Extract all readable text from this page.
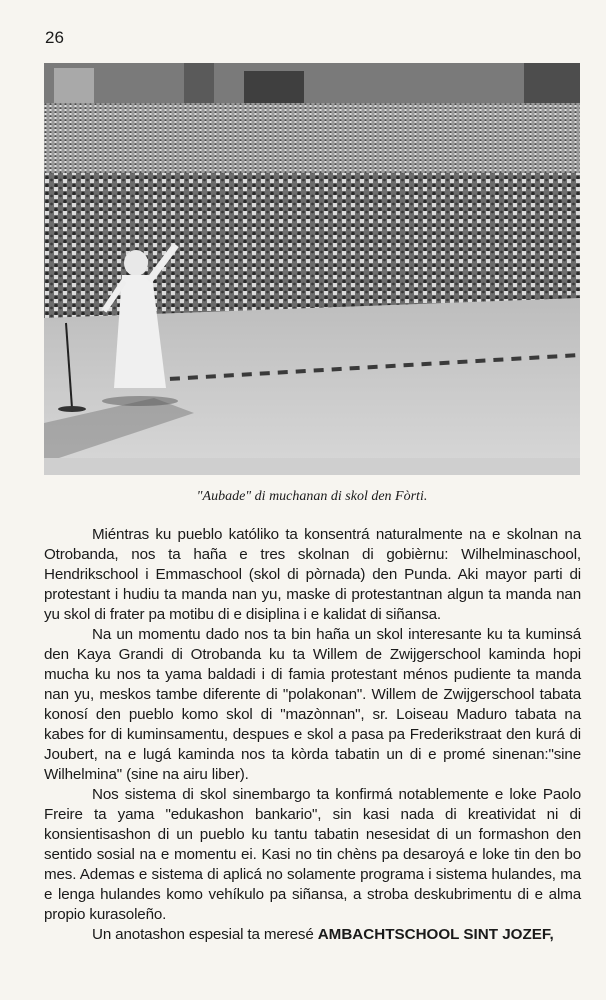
26
"Aubade" di muchanan di skol den Fòrti.

Miéntras ku pueblo katóliko ta konsentrá naturalmente na e skolnan na Otrobanda, nos ta haña e tres skolnan di gobièrnu: Wilhelminaschool, Hendrikschool i Emmaschool (skol di pòrnada) den Punda. Aki mayor parti di protestant i hudiu ta manda nan yu, maske di protestantnan algun ta manda nan yu skol di frater pa motibu di e disiplina i e kalidat di siñansa.

Na un momentu dado nos ta bin haña un skol interesante ku ta kuminsá den Kaya Grandi di Otrobanda ku ta Willem de Zwijgerschool kaminda hopi mucha ku nos ta yama baldadi i di famia protestant ménos pudiente ta manda nan yu, meskos tambe diferente di "polakonan". Willem de Zwijgerschool tabata konosí den pueblo komo skol di "mazònnan", sr. Loiseau Maduro tabata na kabes for di kuminsamentu, despues e skol a pasa pa Frederikstraat den kurá di Joubert, na e lugá kaminda nos ta kòrda tabatin un di e promé sinenan:"sine Wilhelmina" (sine na airu liber).

Nos sistema di skol sinembargo ta konfirmá notablemente e loke Paolo Freire ta yama "edukashon bankario", sin kasi nada di kreatividat ni di konsientisashon di un pueblo ku tantu tabatin nesesidat di un formashon den sentido sosial na e momentu ei. Kasi no tin chèns pa desaroyá e loke tin den bo mes. Ademas e sistema di aplicá no solamente programa i sistema hulandes, ma e lenga hulandes komo vehíkulo pa siñansa, a stroba deskubrimentu di e alma propio kurasoleño.

Un anotashon espesial ta meresé AMBACHTSCHOOL SINT JOZEF,
